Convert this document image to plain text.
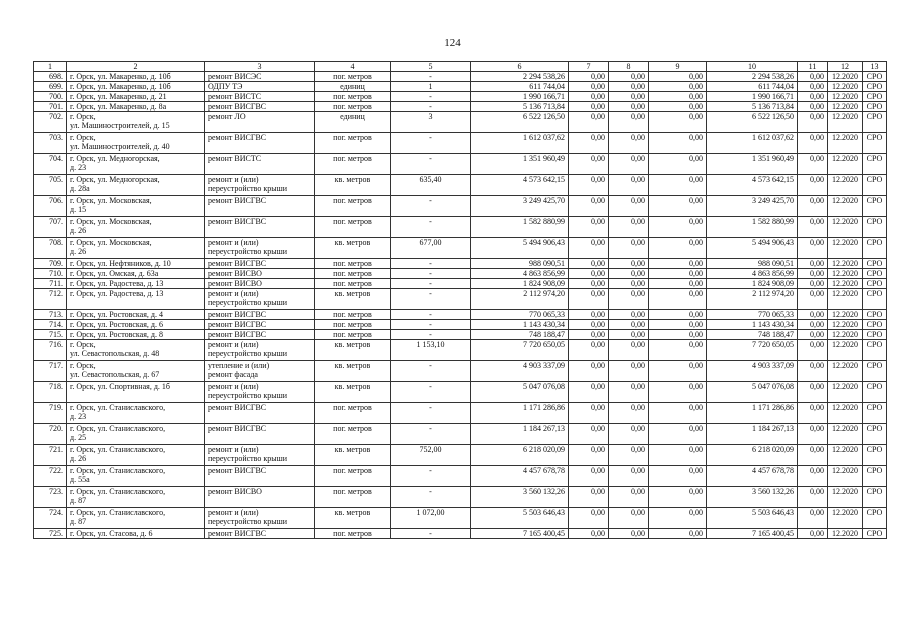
124
1	2	3	4	5	6	7	8	9	10	11	12	13
698.	г. Орск, ул. Макаренко, д. 10б	ремонт ВИСЭС	пог. метров	-	2 294 538,26	0,00	0,00	0,00	2 294 538,26	0,00	12.2020	СРО
699.	г. Орск, ул. Макаренко, д. 10б	ОДПУ ТЭ	единиц	1	611 744,04	0,00	0,00	0,00	611 744,04	0,00	12.2020	СРО
700.	г. Орск, ул. Макаренко, д. 21	ремонт ВИСТС	пог. метров	-	1 990 166,71	0,00	0,00	0,00	1 990 166,71	0,00	12.2020	СРО
701.	г. Орск, ул. Макаренко, д. 8а	ремонт ВИСГВС	пог. метров	-	5 136 713,84	0,00	0,00	0,00	5 136 713,84	0,00	12.2020	СРО
702.	г. Орск,
ул. Машиностроителей, д. 15	ремонт ЛО	единиц	3	6 522 126,50	0,00	0,00	0,00	6 522 126,50	0,00	12.2020	СРО
703.	г. Орск,
ул. Машиностроителей, д. 40	ремонт ВИСГВС	пог. метров	-	1 612 037,62	0,00	0,00	0,00	1 612 037,62	0,00	12.2020	СРО
704.	г. Орск, ул. Медногорская,
д. 23	ремонт ВИСТС	пог. метров	-	1 351 960,49	0,00	0,00	0,00	1 351 960,49	0,00	12.2020	СРО
705.	г. Орск, ул. Медногорская,
д. 28а	ремонт и (или)
переустройство крыши	кв. метров	635,40	4 573 642,15	0,00	0,00	0,00	4 573 642,15	0,00	12.2020	СРО
706.	г. Орск, ул. Московская,
д. 15	ремонт ВИСГВС	пог. метров	-	3 249 425,70	0,00	0,00	0,00	3 249 425,70	0,00	12.2020	СРО
707.	г. Орск, ул. Московская,
д. 26	ремонт ВИСГВС	пог. метров	-	1 582 880,99	0,00	0,00	0,00	1 582 880,99	0,00	12.2020	СРО
708.	г. Орск, ул. Московская,
д. 26	ремонт и (или)
переустройство крыши	кв. метров	677,00	5 494 906,43	0,00	0,00	0,00	5 494 906,43	0,00	12.2020	СРО
709.	г. Орск, ул. Нефтяников, д. 10	ремонт ВИСГВС	пог. метров	-	988 090,51	0,00	0,00	0,00	988 090,51	0,00	12.2020	СРО
710.	г. Орск, ул. Омская, д. 63а	ремонт ВИСВО	пог. метров	-	4 863 856,99	0,00	0,00	0,00	4 863 856,99	0,00	12.2020	СРО
711.	г. Орск, ул. Радостева, д. 13	ремонт ВИСВО	пог. метров	-	1 824 908,09	0,00	0,00	0,00	1 824 908,09	0,00	12.2020	СРО
712.	г. Орск, ул. Радостева, д. 13	ремонт и (или)
переустройство крыши	кв. метров	-	2 112 974,20	0,00	0,00	0,00	2 112 974,20	0,00	12.2020	СРО
713.	г. Орск, ул. Ростовская, д. 4	ремонт ВИСГВС	пог. метров	-	770 065,33	0,00	0,00	0,00	770 065,33	0,00	12.2020	СРО
714.	г. Орск, ул. Ростовская, д. 6	ремонт ВИСГВС	пог. метров	-	1 143 430,34	0,00	0,00	0,00	1 143 430,34	0,00	12.2020	СРО
715.	г. Орск, ул. Ростовская, д. 8	ремонт ВИСГВС	пог. метров	-	748 188,47	0,00	0,00	0,00	748 188,47	0,00	12.2020	СРО
716.	г. Орск,
ул. Севастопольская, д. 48	ремонт и (или)
переустройство крыши	кв. метров	1 153,10	7 720 650,05	0,00	0,00	0,00	7 720 650,05	0,00	12.2020	СРО
717.	г. Орск,
ул. Севастопольская, д. 67	утепление и (или)
ремонт фасада	кв. метров	-	4 903 337,09	0,00	0,00	0,00	4 903 337,09	0,00	12.2020	СРО
718.	г. Орск, ул. Спортивная, д. 1б	ремонт и (или)
переустройство крыши	кв. метров	-	5 047 076,08	0,00	0,00	0,00	5 047 076,08	0,00	12.2020	СРО
719.	г. Орск, ул. Станиславского,
д. 23	ремонт ВИСГВС	пог. метров	-	1 171 286,86	0,00	0,00	0,00	1 171 286,86	0,00	12.2020	СРО
720.	г. Орск, ул. Станиславского,
д. 25	ремонт ВИСГВС	пог. метров	-	1 184 267,13	0,00	0,00	0,00	1 184 267,13	0,00	12.2020	СРО
721.	г. Орск, ул. Станиславского,
д. 26	ремонт и (или)
переустройство крыши	кв. метров	752,00	6 218 020,09	0,00	0,00	0,00	6 218 020,09	0,00	12.2020	СРО
722.	г. Орск, ул. Станиславского,
д. 55а	ремонт ВИСГВС	пог. метров	-	4 457 678,78	0,00	0,00	0,00	4 457 678,78	0,00	12.2020	СРО
723.	г. Орск, ул. Станиславского,
д. 87	ремонт ВИСВО	пог. метров	-	3 560 132,26	0,00	0,00	0,00	3 560 132,26	0,00	12.2020	СРО
724.	г. Орск, ул. Станиславского,
д. 87	ремонт и (или)
переустройство крыши	кв. метров	1 072,00	5 503 646,43	0,00	0,00	0,00	5 503 646,43	0,00	12.2020	СРО
725.	г. Орск, ул. Стасова, д. 6	ремонт ВИСГВС	пог. метров	-	7 165 400,45	0,00	0,00	0,00	7 165 400,45	0,00	12.2020	СРО
